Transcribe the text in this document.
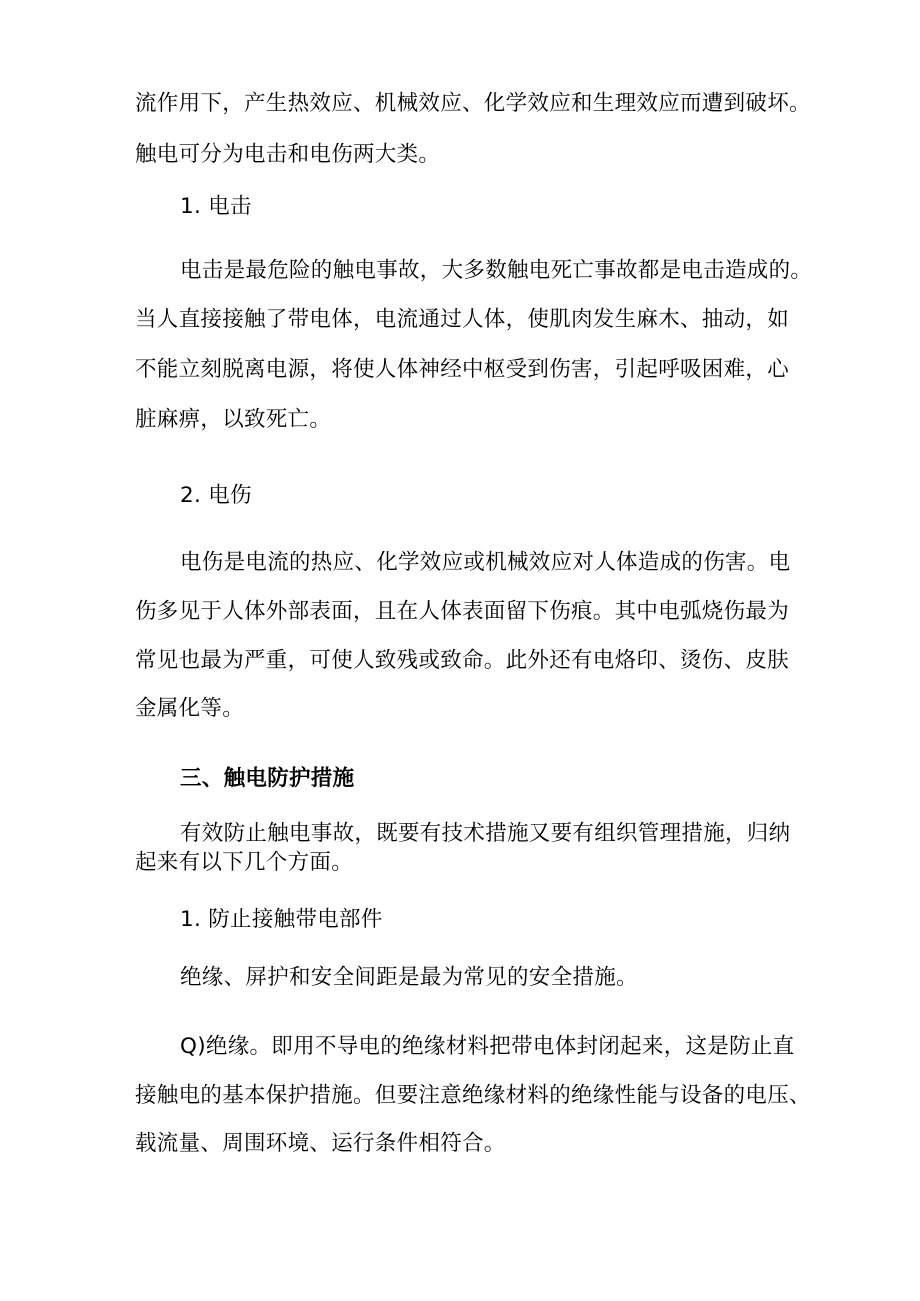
流作用下，产生热效应、机械效应、化学效应和生理效应而遭到破坏。
触电可分为电击和电伤两大类。
1. 电击
电击是最危险的触电事故，大多数触电死亡事故都是电击造成的。
当人直接接触了带电体，电流通过人体，使肌肉发生麻木、抽动，如
不能立刻脱离电源，将使人体神经中枢受到伤害，引起呼吸困难，心
脏麻痹，以致死亡。
2. 电伤
电伤是电流的热应、化学效应或机械效应对人体造成的伤害。电
伤多见于人体外部表面，且在人体表面留下伤痕。其中电弧烧伤最为
常见也最为严重，可使人致残或致命。此外还有电烙印、烫伤、皮肤
金属化等。
三、触电防护措施
有效防止触电事故，既要有技术措施又要有组织管理措施，归纳
起来有以下几个方面。
1. 防止接触带电部件
绝缘、屏护和安全间距是最为常见的安全措施。
Q)绝缘。即用不导电的绝缘材料把带电体封闭起来，这是防止直
接触电的基本保护措施。但要注意绝缘材料的绝缘性能与设备的电压、
载流量、周围环境、运行条件相符合。
